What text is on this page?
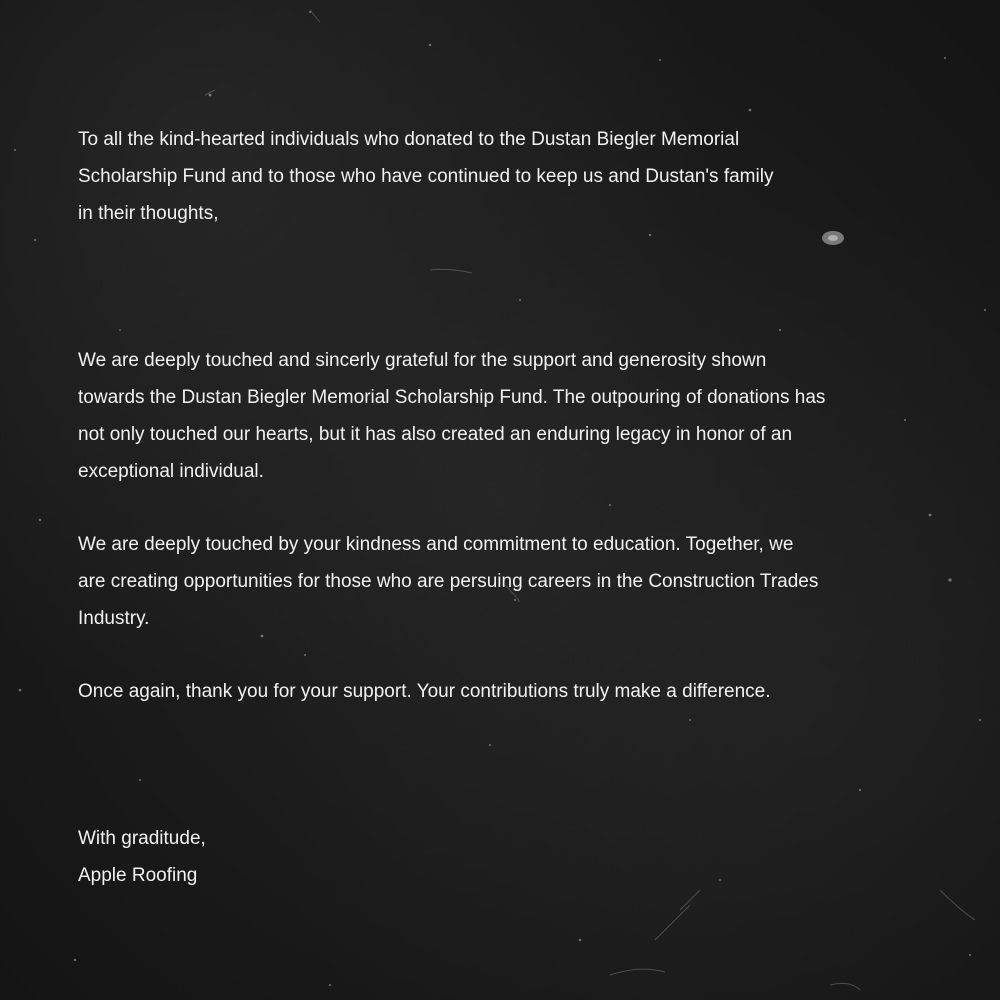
To all the kind-hearted individuals who donated to the Dustan Biegler Memorial
Scholarship Fund and to those who have continued to keep us and Dustan's family
in their thoughts,

We are deeply touched and sincerly grateful for the support and generosity shown
towards the Dustan Biegler Memorial Scholarship Fund. The outpouring of donations has
not only touched our hearts, but it has also created an enduring legacy in honor of an
exceptional individual.

We are deeply touched by your kindness and commitment to education. Together, we
are creating opportunities for those who are persuing careers in the Construction Trades
Industry.

Once again, thank you for your support. Your contributions truly make a difference.

With graditude,

Apple Roofing
